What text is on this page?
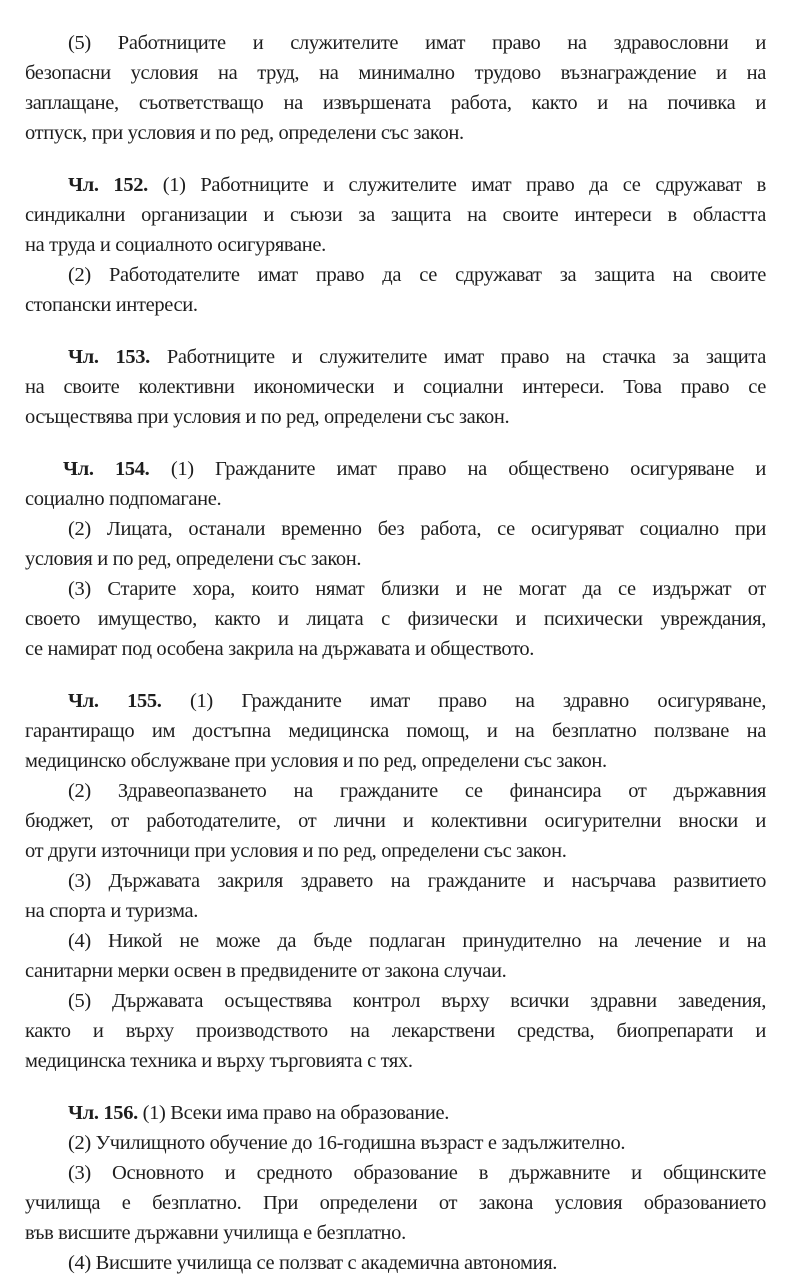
(5) Работниците и служителите имат право на здравословни и
безопасни условия на труд, на минимално трудово възнаграждение и на
заплащане, съответстващо на извършената работа, както и на почивка и
отпуск, при условия и по ред, определени със закон.
Чл. 152. (1) Работниците и служителите имат право да се сдружават в
синдикални организации и съюзи за защита на своите интереси в областта
на труда и социалното осигуряване.
(2) Работодателите имат право да се сдружават за защита на своите
стопански интереси.
Чл. 153. Работниците и служителите имат право на стачка за защита
на своите колективни икономически и социални интереси. Това право се
осъществява при условия и по ред, определени със закон.
Чл. 154. (1) Гражданите имат право на обществено осигуряване и
социално подпомагане.
(2) Лицата, останали временно без работа, се осигуряват социално при
условия и по ред, определени със закон.
(3) Старите хора, които нямат близки и не могат да се издържат от
своето имущество, както и лицата с физически и психически увреждания,
се намират под особена закрила на държавата и обществото.
Чл. 155. (1) Гражданите имат право на здравно осигуряване,
гарантиращо им достъпна медицинска помощ, и на безплатно ползване на
медицинско обслужване при условия и по ред, определени със закон.
(2) Здравеопазването на гражданите се финансира от държавния
бюджет, от работодателите, от лични и колективни осигурителни вноски и
от други източници при условия и по ред, определени със закон.
(3) Държавата закриля здравето на гражданите и насърчава развитието
на спорта и туризма.
(4) Никой не може да бъде подлаган принудително на лечение и на
санитарни мерки освен в предвидените от закона случаи.
(5) Държавата осъществява контрол върху всички здравни заведения,
както и върху производството на лекарствени средства, биопрепарати и
медицинска техника и върху търговията с тях.
Чл. 156. (1) Всеки има право на образование.
(2) Училищното обучение до 16-годишна възраст е задължително.
(3) Основното и средното образование в държавните и общинските
училища е безплатно. При определени от закона условия образованието
във висшите държавни училища е безплатно.
(4) Висшите училища се ползват с академична автономия.
